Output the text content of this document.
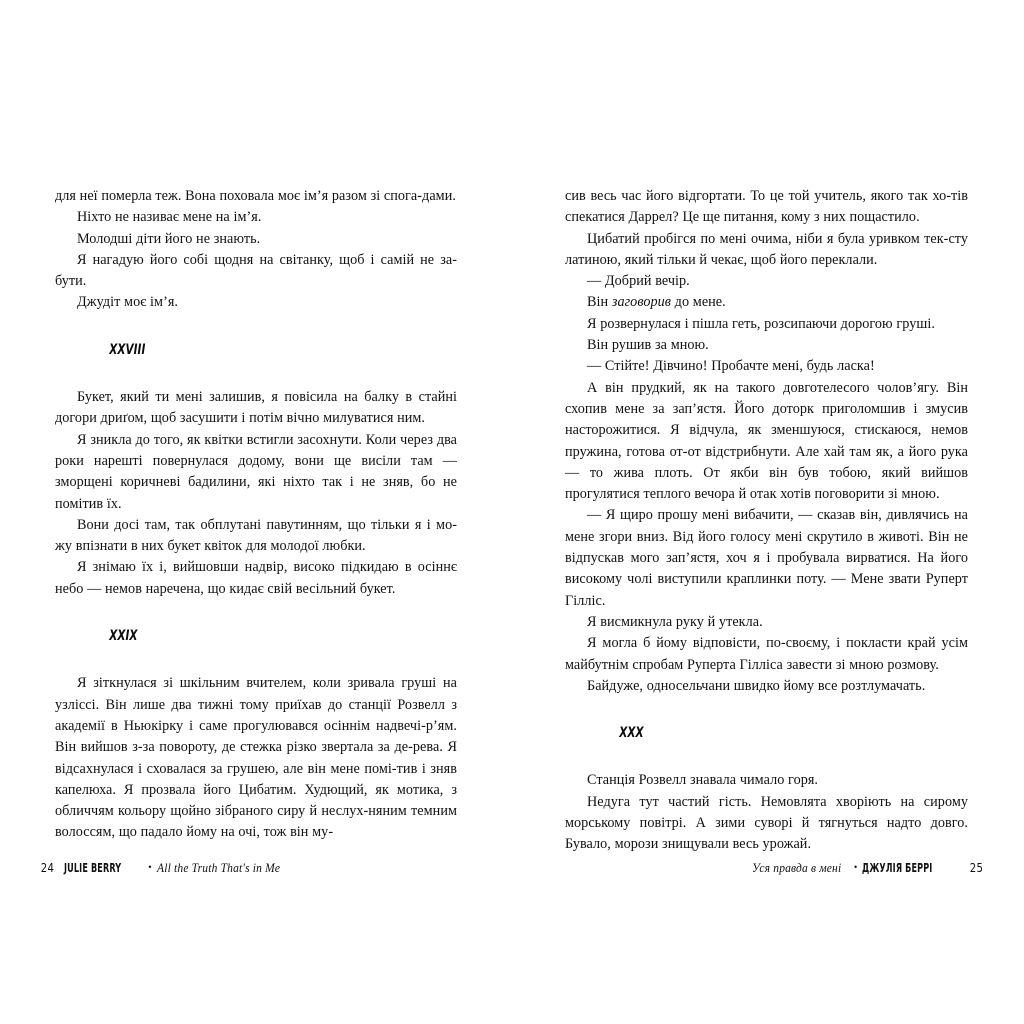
для неї померла теж. Вона поховала моє ім’я разом зі спога-дами.

Ніхто не називає мене на ім’я.

Молодші діти його не знають.

Я нагадую його собі щодня на світанку, щоб і самій не за-бути.

Джудіт моє ім’я.

XXVIII

Букет, який ти мені залишив, я повісила на балку в стайні догори дриґом, щоб засушити і потім вічно милуватися ним.

Я зникла до того, як квітки встигли засохнути. Коли через два роки нарешті повернулася додому, вони ще висіли там — зморщені коричневі бадилини, які ніхто так і не зняв, бо не помітив їх.

Вони досі там, так обплутані павутинням, що тільки я і мо-жу впізнати в них букет квіток для молодої любки.

Я знімаю їх і, вийшовши надвір, високо підкидаю в осіннє небо — немов наречена, що кидає свій весільний букет.

XXIX

Я зіткнулася зі шкільним вчителем, коли зривала груші на узліссі. Він лише два тижні тому приїхав до станції Розвелл з академії в Ньюкірку і саме прогулювався осіннім надвечі-р’ям. Він вийшов з-за повороту, де стежка різко звертала за де-рева. Я відсахнулася і сховалася за грушею, але він мене помі-тив і зняв капелюха. Я прозвала його Цибатим. Худющий, як мотика, з обличчям кольору щойно зібраного сиру й неслух-няним темним волоссям, що падало йому на очі, тож він му-

сив весь час його відгортати. То це той учитель, якого так хо-тів спекатися Даррел? Це ще питання, кому з них пощастило.

Цибатий пробігся по мені очима, ніби я була уривком тек-сту латиною, який тільки й чекає, щоб його переклали.

— Добрий вечір.

Він заговорив до мене.

Я розвернулася і пішла геть, розсипаючи дорогою груші.

Він рушив за мною.

— Стійте! Дівчино! Пробачте мені, будь ласка!

А він прудкий, як на такого довготелесого чолов’ягу. Він схопив мене за зап’ястя. Його доторк приголомшив і змусив насторожитися. Я відчула, як зменшуюся, стискаюся, немов пружина, готова от-от відстрибнути. Але хай там як, а його рука — то жива плоть. От якби він був тобою, який вийшов прогулятися теплого вечора й отак хотів поговорити зі мною.

— Я щиро прошу мені вибачити, — сказав він, дивлячись на мене згори вниз. Від його голосу мені скрутило в животі. Він не відпускав мого зап’ястя, хоч я і пробувала вирватися. На його високому чолі виступили краплинки поту. — Мене звати Руперт Гілліс.

Я висмикнула руку й утекла.

Я могла б йому відповісти, по-своєму, і покласти край усім майбутнім спробам Руперта Гілліса завести зі мною розмову.

Байдуже, односельчани швидко йому все розтлумачать.

XXX

Станція Розвелл знавала чимало горя.

Недуга тут частий гість. Немовлята хворіють на сирому морському повітрі. А зими суворі й тягнуться надто довго. Бувало, морози знищували весь урожай.

24 JULIE BERRY	• All the Truth That's in Me	Уся правда в мені	• ДЖУЛІЯ БЕРРІ	25
